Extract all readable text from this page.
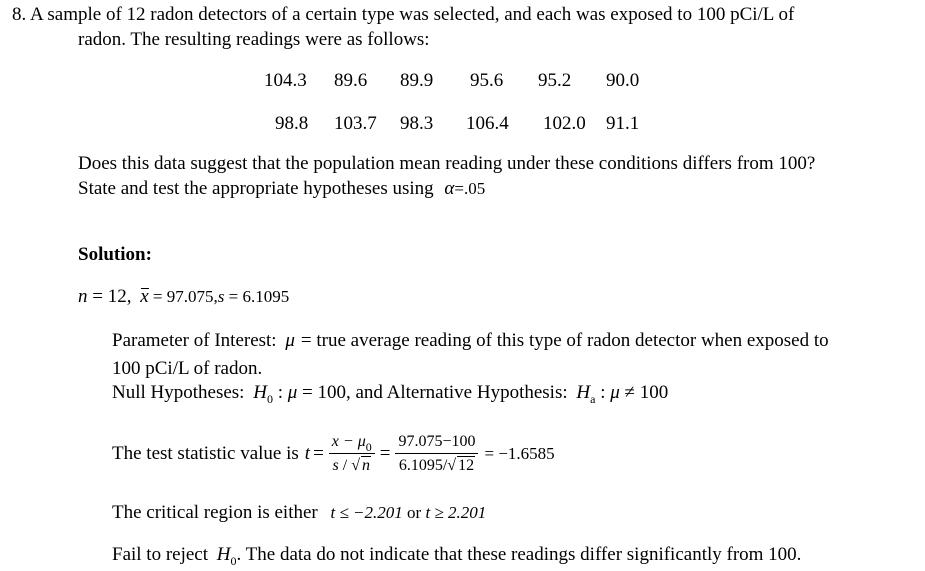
8. A sample of 12 radon detectors of a certain type was selected, and each was exposed to 100 pCi/L of
radon. The resulting readings were as follows:
104.3 89.6 89.9 95.6 95.2 90.0
98.8 103.7 98.3 106.4 102.0 91.1
Does this data suggest that the population mean reading under these conditions differs from 100?
State and test the appropriate hypotheses using α=.05
Solution:
n = 12, x = 97.075,s = 6.1095
Parameter of Interest: μ = true average reading of this type of radon detector when exposed to
100 pCi/L of radon.
Null Hypotheses: $H_0$ : μ = 100, and Alternative Hypothesis: $H_a$ : μ ≠ 100
The test statistic value is $t = \frac{x - \mu_0}{s / √ n} = \frac{97.075-100}{6.1095/√ 12} = -1.6585$
The critical region is either t ≤ −2.201 or t ≥ 2.201
Fail to reject $H_0$. The data do not indicate that these readings differ significantly from 100.
